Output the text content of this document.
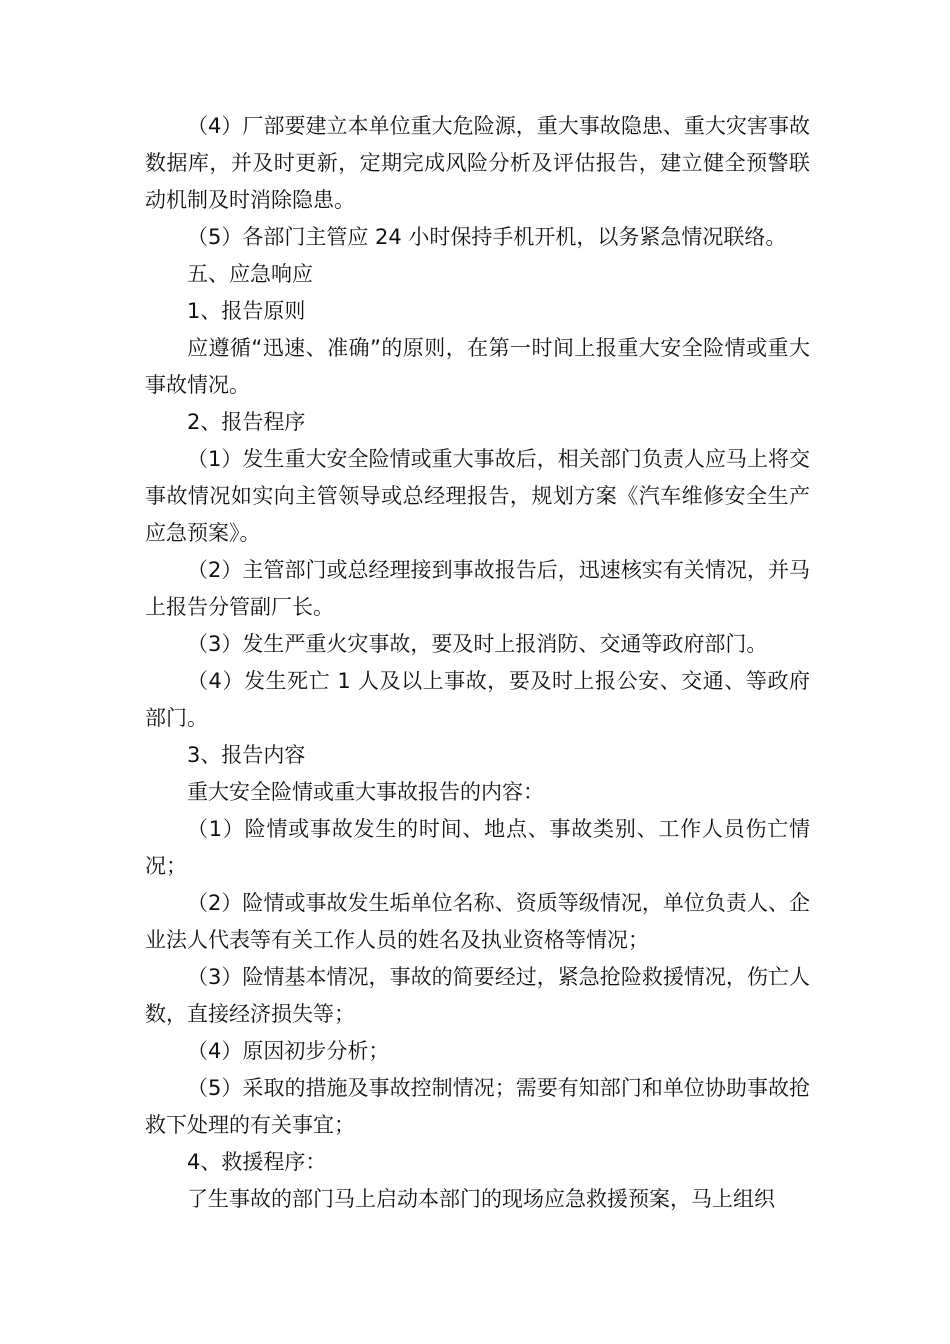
（4）厂部要建立本单位重大危险源，重大事故隐患、重大灾害事故数据库，并及时更新，定期完成风险分析及评估报告，建立健全预警联动机制及时消除隐患。

（5）各部门主管应 24 小时保持手机开机，以务紧急情况联络。

五、应急响应

1、报告原则

应遵循“迅速、准确”的原则，在第一时间上报重大安全险情或重大事故情况。

2、报告程序

（1）发生重大安全险情或重大事故后，相关部门负责人应马上将交事故情况如实向主管领导或总经理报告，规划方案《汽车维修安全生产应急预案》。

（2）主管部门或总经理接到事故报告后，迅速核实有关情况，并马上报告分管副厂长。

（3）发生严重火灾事故，要及时上报消防、交通等政府部门。

（4）发生死亡 1 人及以上事故，要及时上报公安、交通、等政府部门。

3、报告内容

重大安全险情或重大事故报告的内容：

（1）险情或事故发生的时间、地点、事故类别、工作人员伤亡情况；

（2）险情或事故发生垢单位名称、资质等级情况，单位负责人、企业法人代表等有关工作人员的姓名及执业资格等情况；

（3）险情基本情况，事故的简要经过，紧急抢险救援情况，伤亡人数，直接经济损失等；

（4）原因初步分析；

（5）采取的措施及事故控制情况；需要有知部门和单位协助事故抢救下处理的有关事宜；

4、救援程序：

了生事故的部门马上启动本部门的现场应急救援预案，马上组织
